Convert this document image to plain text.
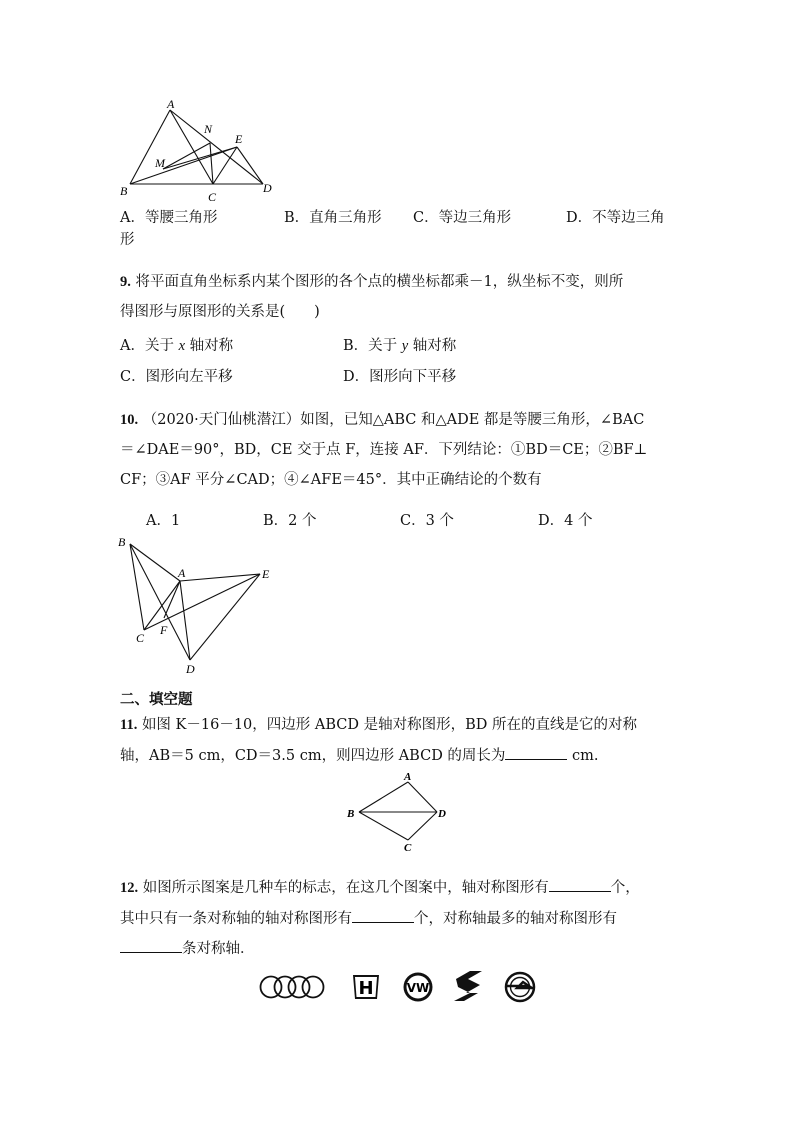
A
N
E
M
B	C
D
A．等腰三角形	B．直角三角形 C．等边三角形	D．不等边三角
形
9. 将平面直角坐标系内某个图形的各个点的横坐标都乘－1，纵坐标不变，则所
得图形与原图形的关系是(　　)
A．关于 x 轴对称	B．关于 y 轴对称
C．图形向左平移	D．图形向下平移
10. （2020·天门仙桃潜江）如图，已知△ABC 和△ADE 都是等腰三角形，∠BAC
＝∠DAE＝90°，BD，CE 交于点 F，连接 AF．下列结论：①BD＝CE；②BF⊥
CF；③AF 平分∠CAD；④∠AFE＝45°．其中正确结论的个数有
A．1	B．2 个	C．3 个	D．4 个
B
A	E
F
C
D
二、填空题
11. 如图 K－16－10，四边形 ABCD 是轴对称图形，BD 所在的直线是它的对称
轴，AB＝5 cm，CD＝3.5 cm，则四边形 ABCD 的周长为	cm.
A
B	D
C
12. 如图所示图案是几种车的标志，在这几个图案中，轴对称图形有	个，
其中只有一条对称轴的轴对称图形有	个，对称轴最多的轴对称图形有
条对称轴．
H	VW
